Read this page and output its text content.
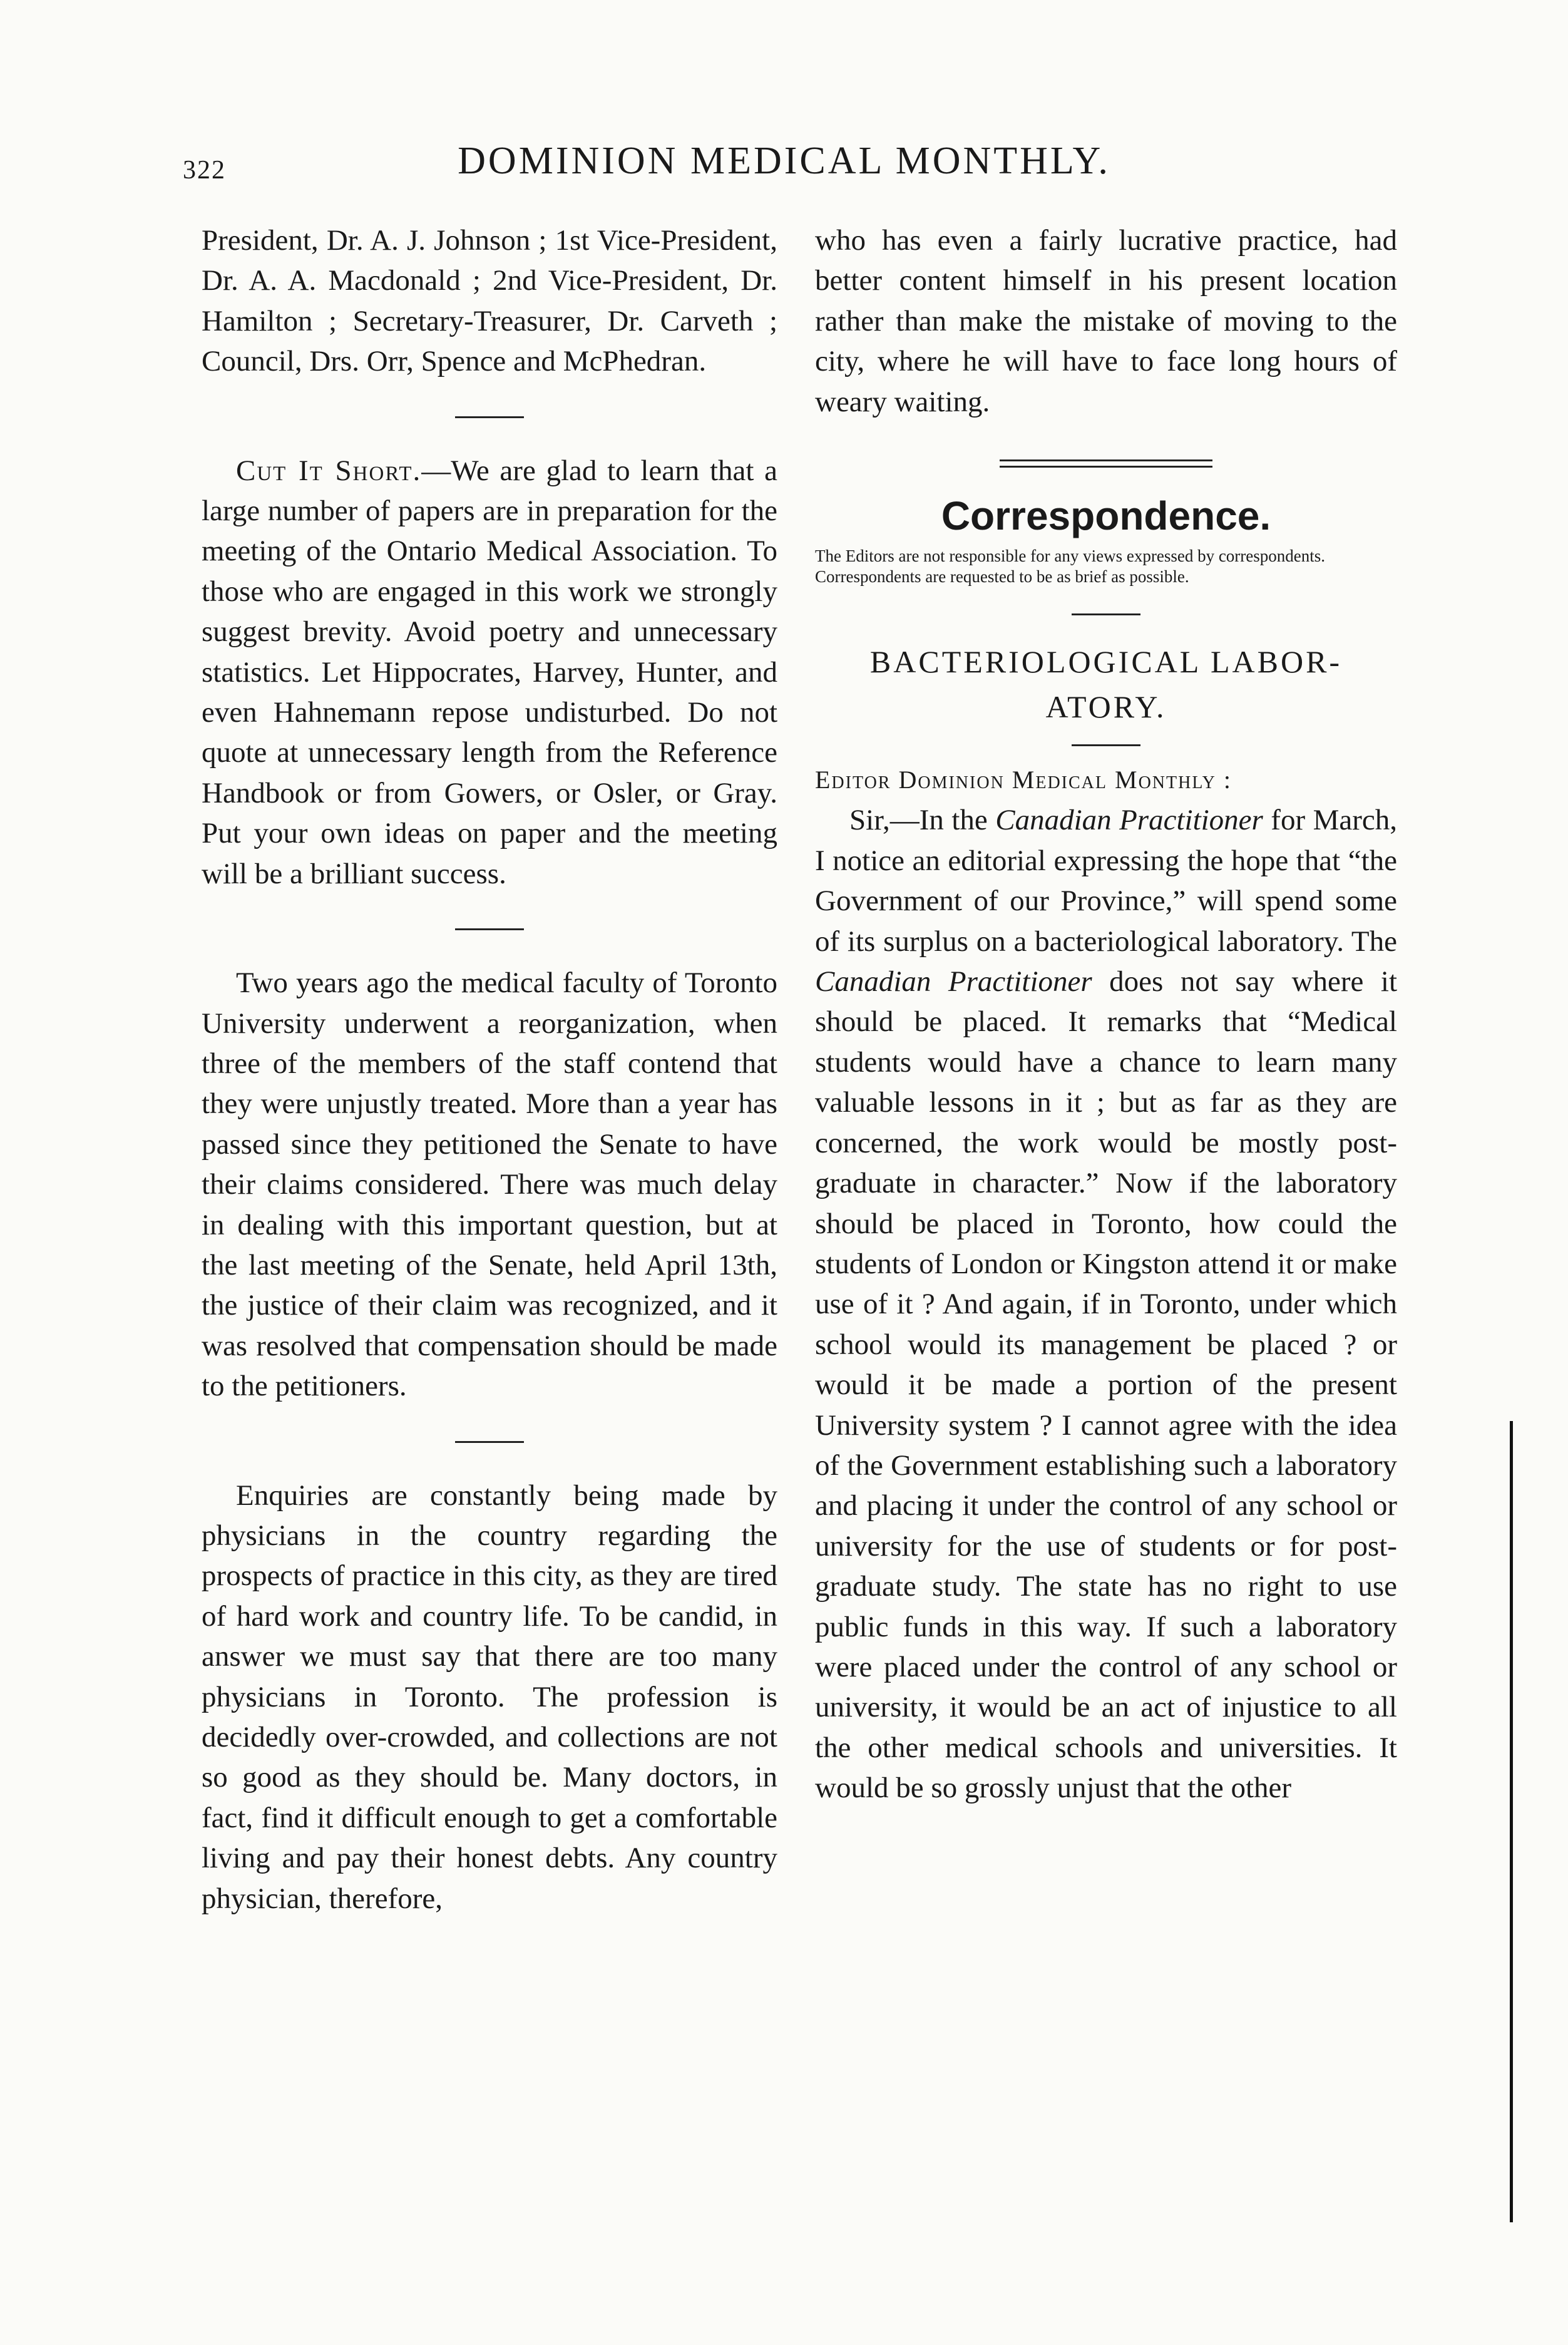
322	DOMINION MEDICAL MONTHLY.

President, Dr. A. J. Johnson ; 1st Vice-President, Dr. A. A. Macdonald ; 2nd Vice-President, Dr. Hamilton ; Secretary-Treasurer, Dr. Carveth ; Council, Drs. Orr, Spence and McPhedran.

Cut It Short.—We are glad to learn that a large number of papers are in preparation for the meeting of the Ontario Medical Association. To those who are engaged in this work we strongly suggest brevity. Avoid poetry and unnecessary statistics. Let Hippocrates, Harvey, Hunter, and even Hahnemann repose undisturbed. Do not quote at unnecessary length from the Reference Handbook or from Gowers, or Osler, or Gray. Put your own ideas on paper and the meeting will be a brilliant success.

Two years ago the medical faculty of Toronto University underwent a reorganization, when three of the members of the staff contend that they were unjustly treated. More than a year has passed since they petitioned the Senate to have their claims considered. There was much delay in dealing with this important question, but at the last meeting of the Senate, held April 13th, the justice of their claim was recognized, and it was resolved that compensation should be made to the petitioners.

Enquiries are constantly being made by physicians in the country regarding the prospects of practice in this city, as they are tired of hard work and country life. To be candid, in answer we must say that there are too many physicians in Toronto. The profession is decidedly over-crowded, and collections are not so good as they should be. Many doctors, in fact, find it difficult enough to get a comfortable living and pay their honest debts. Any country physician, therefore,

who has even a fairly lucrative practice, had better content himself in his present location rather than make the mistake of moving to the city, where he will have to face long hours of weary waiting.

Correspondence.

The Editors are not responsible for any views expressed by correspondents.

Correspondents are requested to be as brief as possible.

BACTERIOLOGICAL LABOR-

ATORY.

Editor Dominion Medical Monthly :

Sir,—In the Canadian Practitioner for March, I notice an editorial expressing the hope that “the Government of our Province,” will spend some of its surplus on a bacteriological laboratory. The Canadian Practitioner does not say where it should be placed. It remarks that “Medical students would have a chance to learn many valuable lessons in it ; but as far as they are concerned, the work would be mostly post-graduate in character.” Now if the laboratory should be placed in Toronto, how could the students of London or Kingston attend it or make use of it ? And again, if in Toronto, under which school would its management be placed ? or would it be made a portion of the present University system ? I cannot agree with the idea of the Government establishing such a laboratory and placing it under the control of any school or university for the use of students or for post-graduate study. The state has no right to use public funds in this way. If such a laboratory were placed under the control of any school or university, it would be an act of injustice to all the other medical schools and universities. It would be so grossly unjust that the other
